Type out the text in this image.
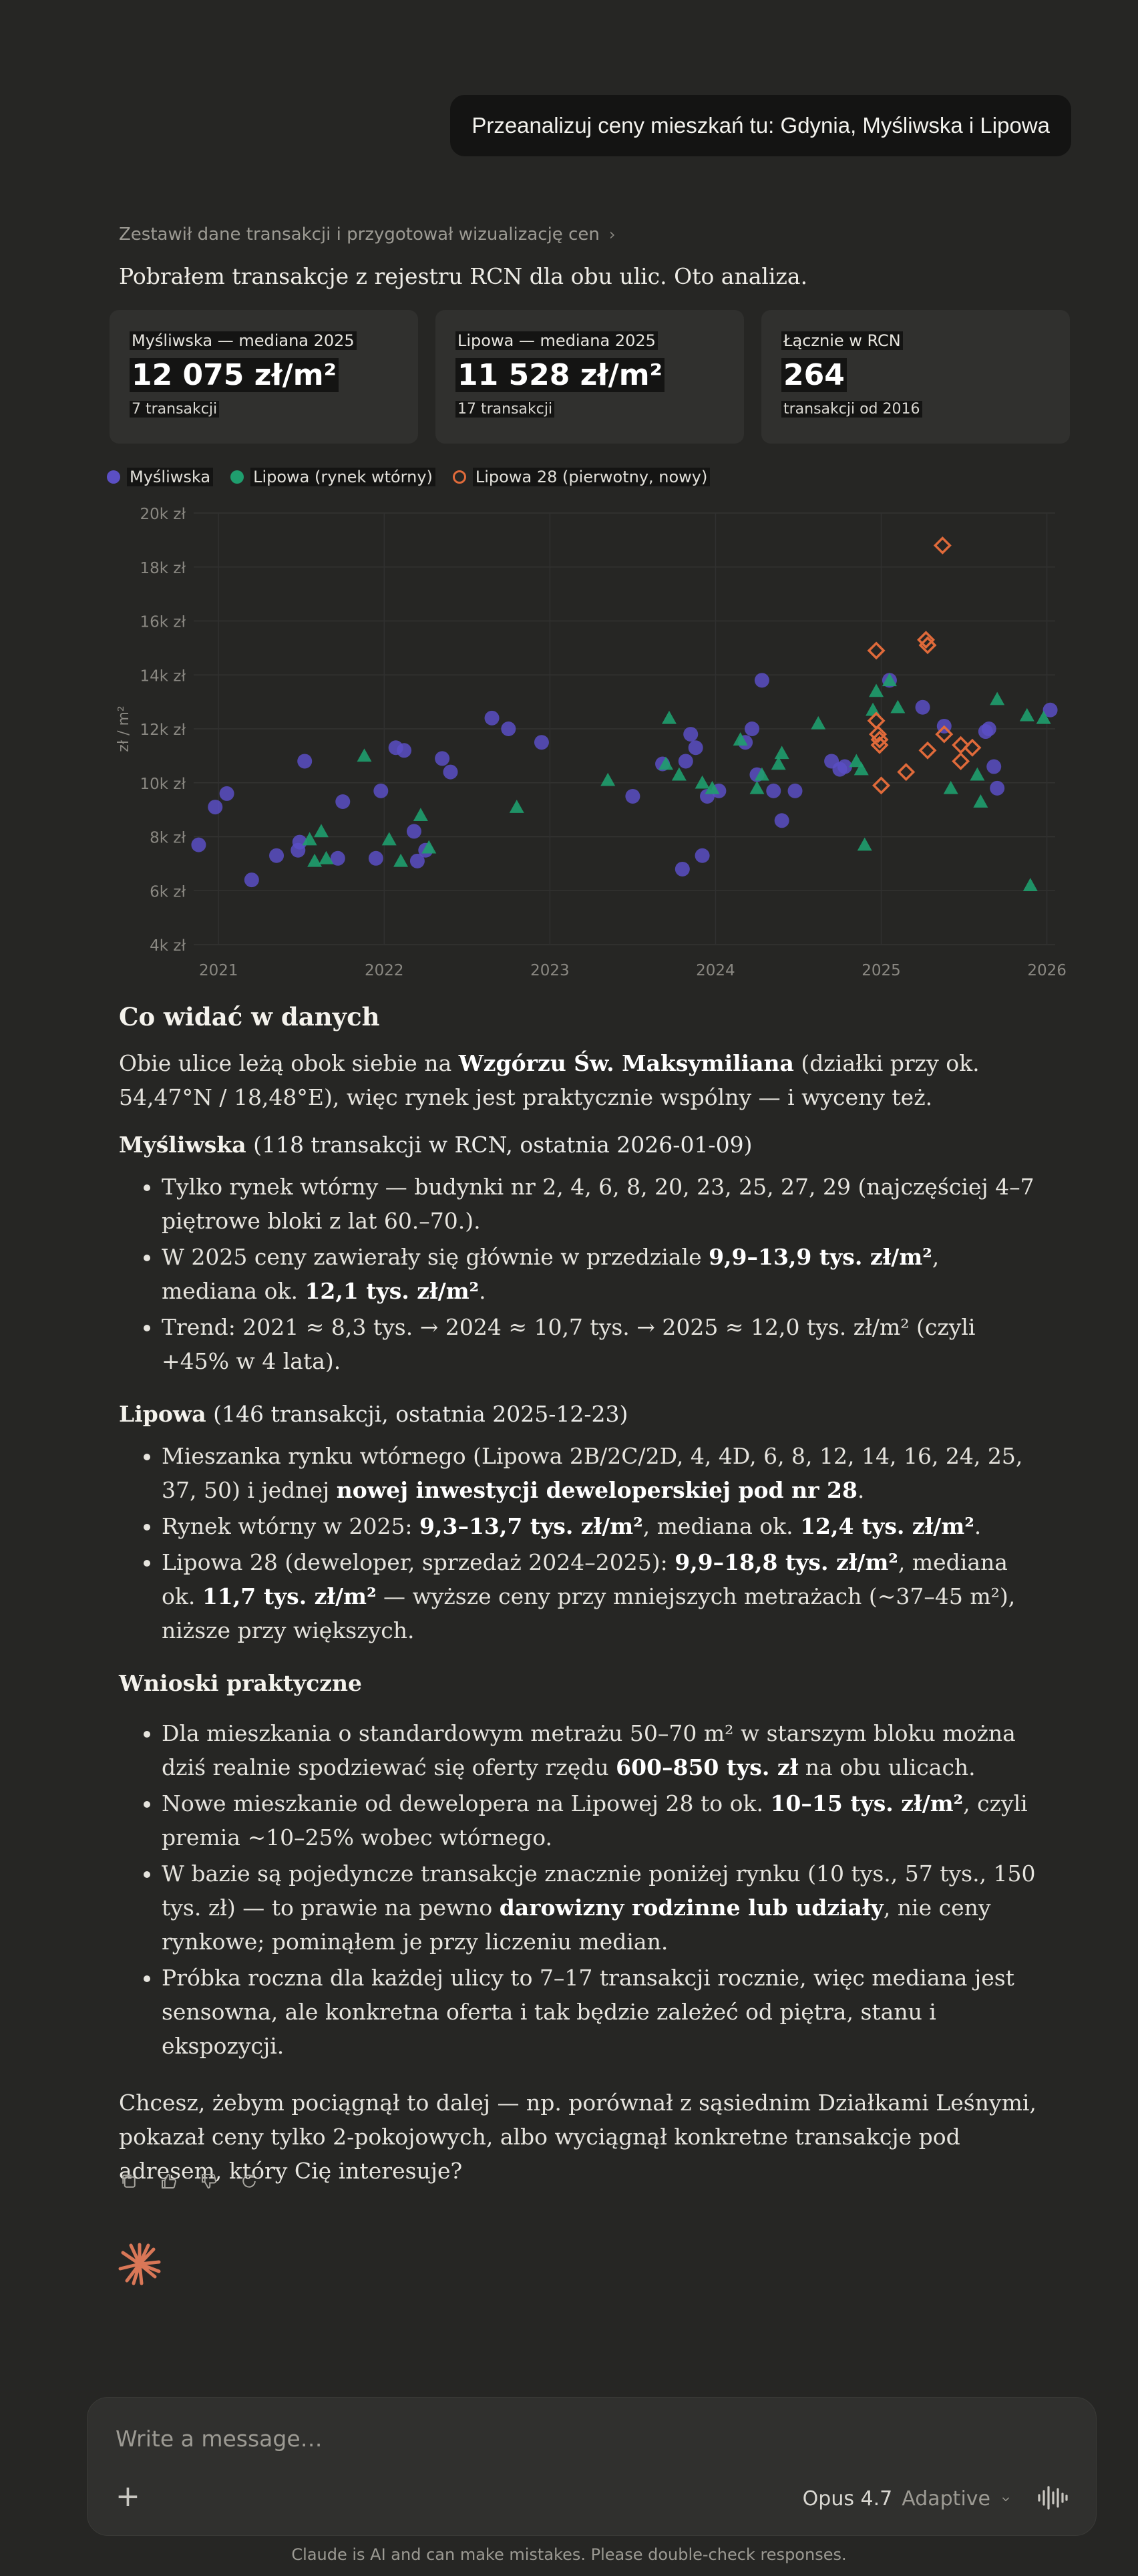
Przeanalizuj ceny mieszkań tu: Gdynia, Myśliwska i Lipowa
Zestawił dane transakcji i przygotował wizualizację cen ›
Pobrałem transakcje z rejestru RCN dla obu ulic. Oto analiza.
Myśliwska — mediana 2025
12 075 zł/m²
7 transakcji
Lipowa — mediana 2025
11 528 zł/m²
17 transakcji
Łącznie w RCN
264
transakcji od 2016
Myśliwska	Lipowa (rynek wtórny)	Lipowa 28 (pierwotny, nowy)
4k zł
6k zł
8k zł
10k zł
12k zł
14k zł
16k zł
18k zł
20k zł
2021	2022	2023	2024	2025	2026
zł / m²
Co widać w danych

Obie ulice leżą obok siebie na Wzgórzu Św. Maksymiliana (działki przy ok. 54,47°N / 18,48°E), więc rynek jest praktycznie wspólny — i wyceny też.

Myśliwska (118 transakcji w RCN, ostatnia 2026-01-09)

• Tylko rynek wtórny — budynki nr 2, 4, 6, 8, 20, 23, 25, 27, 29 (najczęściej 4–7 piętrowe bloki z lat 60.–70.).
• W 2025 ceny zawierały się głównie w przedziale 9,9–13,9 tys. zł/m², mediana ok. 12,1 tys. zł/m².
• Trend: 2021 ≈ 8,3 tys. → 2024 ≈ 10,7 tys. → 2025 ≈ 12,0 tys. zł/m² (czyli +45% w 4 lata).

Lipowa (146 transakcji, ostatnia 2025-12-23)

• Mieszanka rynku wtórnego (Lipowa 2B/2C/2D, 4, 4D, 6, 8, 12, 14, 16, 24, 25, 37, 50) i jednej nowej inwestycji deweloperskiej pod nr 28.
• Rynek wtórny w 2025: 9,3–13,7 tys. zł/m², mediana ok. 12,4 tys. zł/m².
• Lipowa 28 (deweloper, sprzedaż 2024–2025): 9,9–18,8 tys. zł/m², mediana ok. 11,7 tys. zł/m² — wyższe ceny przy mniejszych metrażach (~37–45 m²), niższe przy większych.

Wnioski praktyczne

• Dla mieszkania o standardowym metrażu 50–70 m² w starszym bloku można dziś realnie spodziewać się oferty rzędu 600–850 tys. zł na obu ulicach.
• Nowe mieszkanie od dewelopera na Lipowej 28 to ok. 10–15 tys. zł/m², czyli premia ~10–25% wobec wtórnego.
• W bazie są pojedyncze transakcje znacznie poniżej rynku (10 tys., 57 tys., 150 tys. zł) — to prawie na pewno darowizny rodzinne lub udziały, nie ceny rynkowe; pominąłem je przy liczeniu median.
• Próbka roczna dla każdej ulicy to 7–17 transakcji rocznie, więc mediana jest sensowna, ale konkretna oferta i tak będzie zależeć od piętra, stanu i ekspozycji.

Chcesz, żebym pociągnął to dalej — np. porównał z sąsiednim Działkami Leśnymi, pokazał ceny tylko 2-pokojowych, albo wyciągnął konkretne transakcje pod adresem, który Cię interesuje?

Write a message…
+	Opus 4.7 Adaptive
Claude is AI and can make mistakes. Please double-check responses.
